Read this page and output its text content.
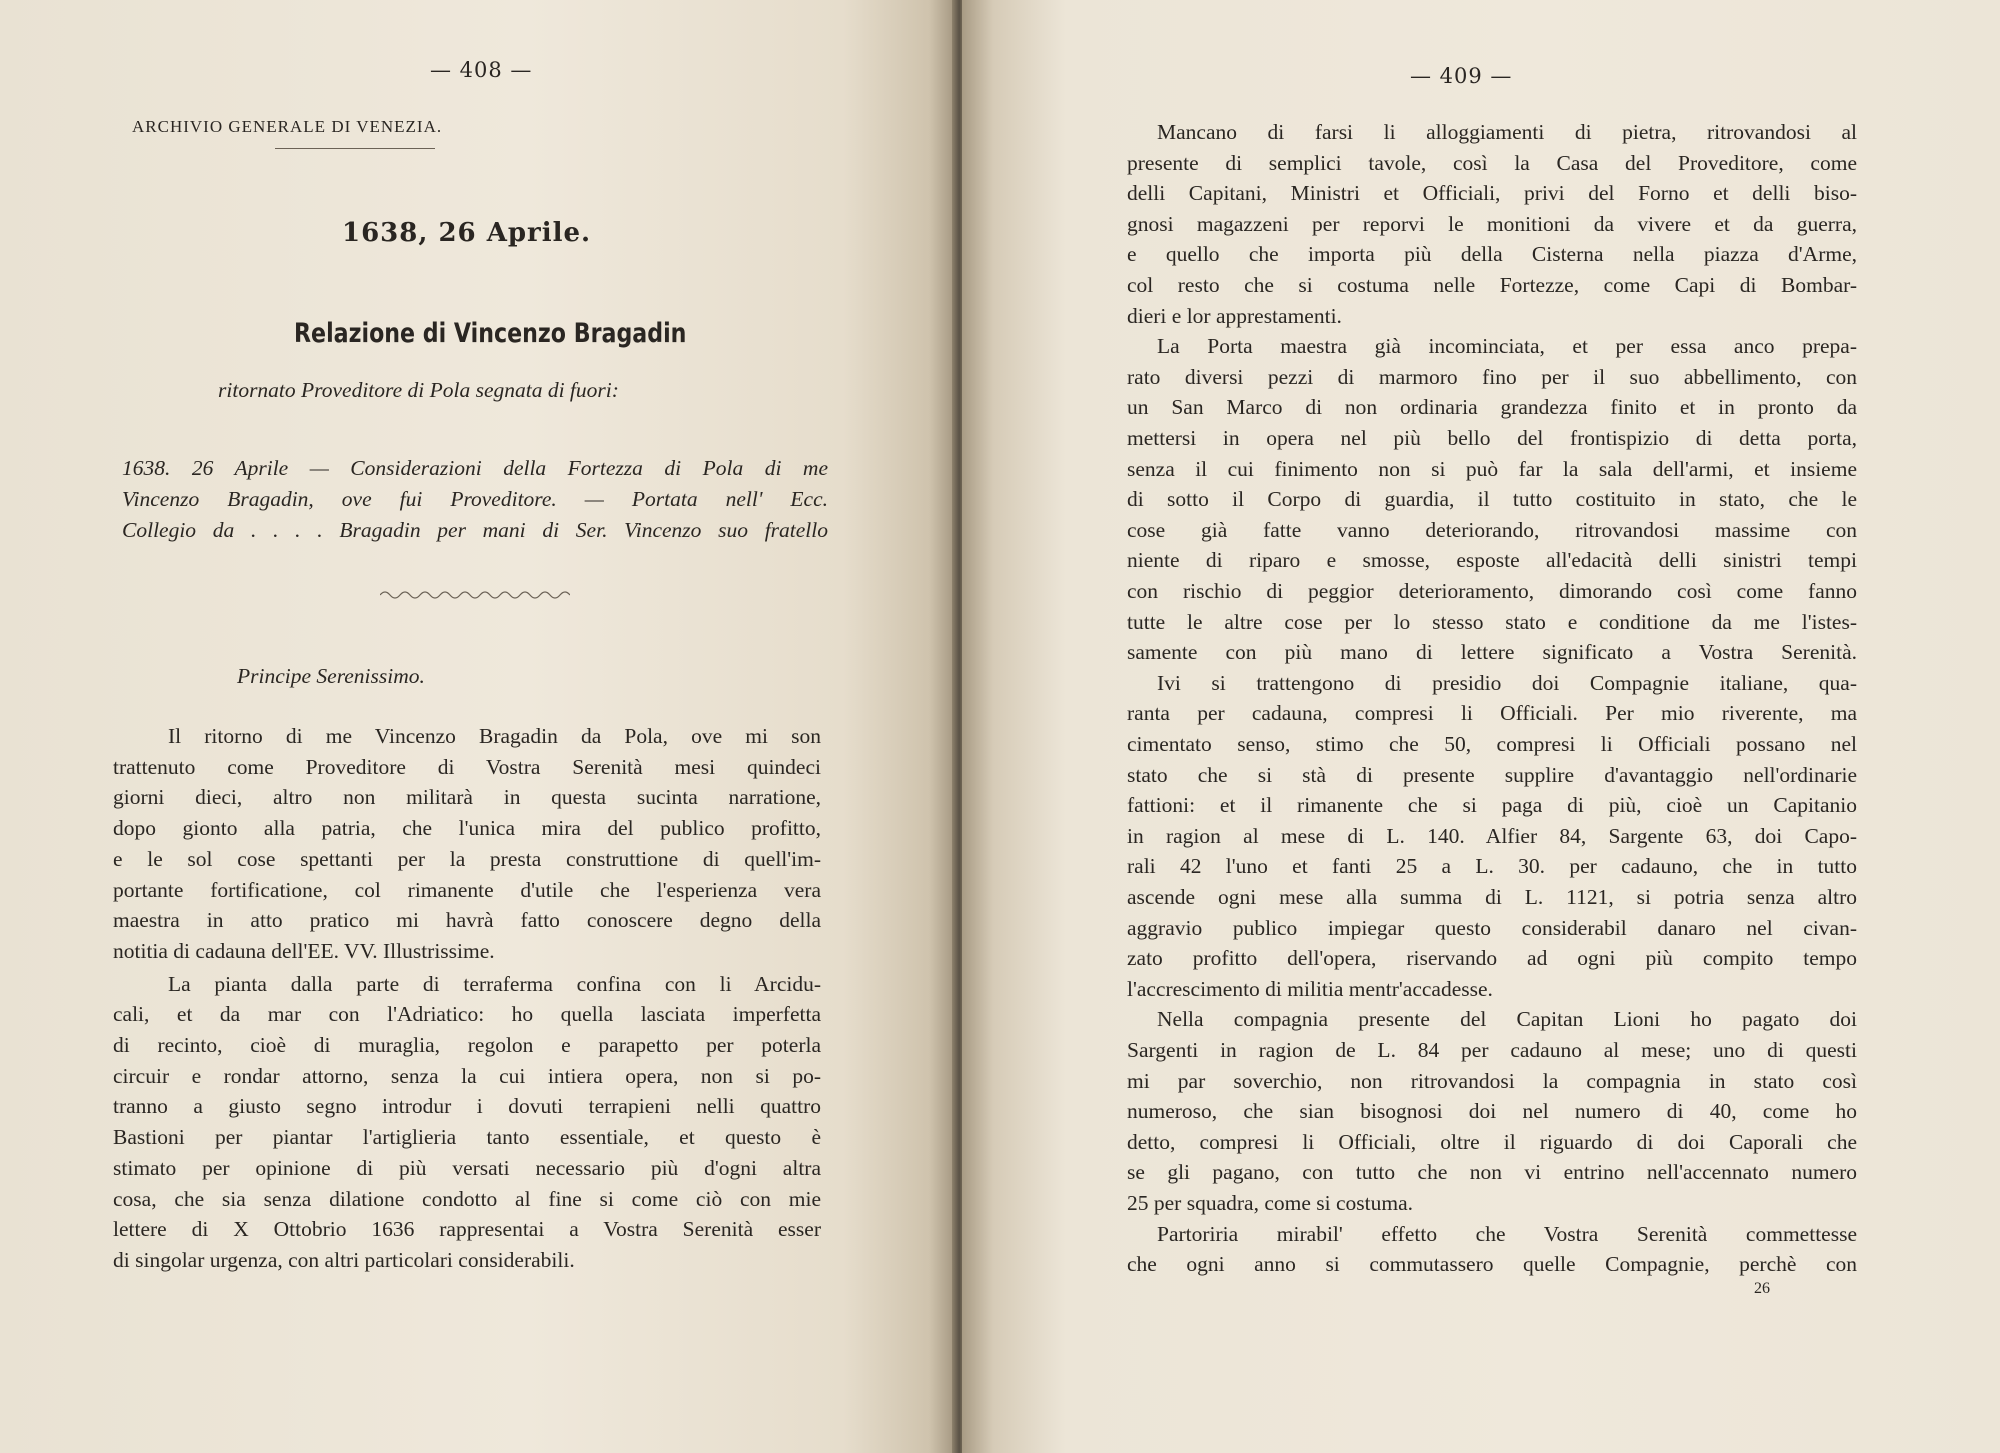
— 408 —
ARCHIVIO GENERALE DI VENEZIA.
1638, 26 Aprile.
Relazione di Vincenzo Bragadin
ritornato Proveditore di Pola segnata di fuori:
1638. 26 Aprile — Considerazioni della Fortezza di Pola di me
Vincenzo Bragadin, ove fui Proveditore. — Portata nell' Ecc.
Collegio da . . . . Bragadin per mani di Ser. Vincenzo suo fratello
Principe Serenissimo.
Il ritorno di me Vincenzo Bragadin da Pola, ove mi son
trattenuto come Proveditore di Vostra Serenità mesi quindeci
giorni dieci, altro non militarà in questa sucinta narratione,
dopo gionto alla patria, che l'unica mira del publico profitto,
e le sol cose spettanti per la presta construttione di quell'im-
portante fortificatione, col rimanente d'utile che l'esperienza vera
maestra in atto pratico mi havrà fatto conoscere degno della
notitia di cadauna dell'EE. VV. Illustrissime.
La pianta dalla parte di terraferma confina con li Arcidu-
cali, et da mar con l'Adriatico: ho quella lasciata imperfetta
di recinto, cioè di muraglia, regolon e parapetto per poterla
circuir e rondar attorno, senza la cui intiera opera, non si po-
tranno a giusto segno introdur i dovuti terrapieni nelli quattro
Bastioni per piantar l'artiglieria tanto essentiale, et questo è
stimato per opinione di più versati necessario più d'ogni altra
cosa, che sia senza dilatione condotto al fine si come ciò con mie
lettere di X Ottobrio 1636 rappresentai a Vostra Serenità esser
di singolar urgenza, con altri particolari considerabili.
— 409 —
Mancano di farsi li alloggiamenti di pietra, ritrovandosi al
presente di semplici tavole, così la Casa del Proveditore, come
delli Capitani, Ministri et Officiali, privi del Forno et delli biso-
gnosi magazzeni per reporvi le monitioni da vivere et da guerra,
e quello che importa più della Cisterna nella piazza d'Arme,
col resto che si costuma nelle Fortezze, come Capi di Bombar-
dieri e lor apprestamenti.
La Porta maestra già incominciata, et per essa anco prepa-
rato diversi pezzi di marmoro fino per il suo abbellimento, con
un San Marco di non ordinaria grandezza finito et in pronto da
mettersi in opera nel più bello del frontispizio di detta porta,
senza il cui finimento non si può far la sala dell'armi, et insieme
di sotto il Corpo di guardia, il tutto costituito in stato, che le
cose già fatte vanno deteriorando, ritrovandosi massime con
niente di riparo e smosse, esposte all'edacità delli sinistri tempi
con rischio di peggior deterioramento, dimorando così come fanno
tutte le altre cose per lo stesso stato e conditione da me l'istes-
samente con più mano di lettere significato a Vostra Serenità.
Ivi si trattengono di presidio doi Compagnie italiane, qua-
ranta per cadauna, compresi li Officiali. Per mio riverente, ma
cimentato senso, stimo che 50, compresi li Officiali possano nel
stato che si stà di presente supplire d'avantaggio nell'ordinarie
fattioni: et il rimanente che si paga di più, cioè un Capitanio
in ragion al mese di L. 140. Alfier 84, Sargente 63, doi Capo-
rali 42 l'uno et fanti 25 a L. 30. per cadauno, che in tutto
ascende ogni mese alla summa di L. 1121, si potria senza altro
aggravio publico impiegar questo considerabil danaro nel civan-
zato profitto dell'opera, riservando ad ogni più compito tempo
l'accrescimento di militia mentr'accadesse.
Nella compagnia presente del Capitan Lioni ho pagato doi
Sargenti in ragion de L. 84 per cadauno al mese; uno di questi
mi par soverchio, non ritrovandosi la compagnia in stato così
numeroso, che sian bisognosi doi nel numero di 40, come ho
detto, compresi li Officiali, oltre il riguardo di doi Caporali che
se gli pagano, con tutto che non vi entrino nell'accennato numero
25 per squadra, come si costuma.
Partoriria mirabil' effetto che Vostra Serenità commettesse
che ogni anno si commutassero quelle Compagnie, perchè con
26
